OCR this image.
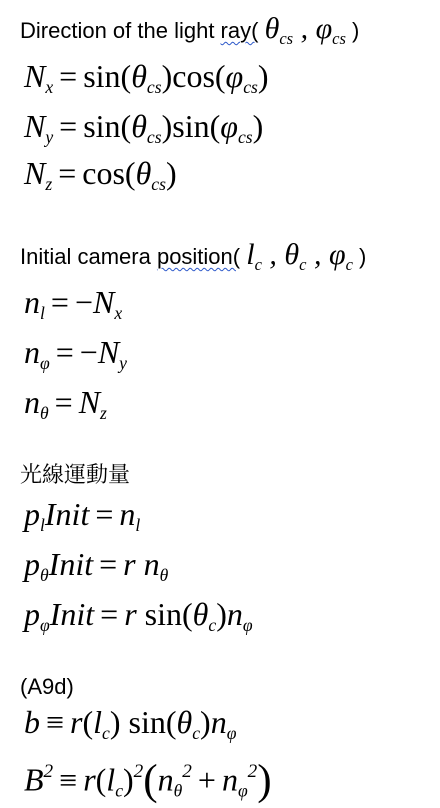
Direction of the light ray( $\theta_{cs}$ , $\varphi_{cs}$ )
$N_x = \sin(\theta_{cs})\cos(\varphi_{cs})$
$N_y = \sin(\theta_{cs})\sin(\varphi_{cs})$
$N_z = \cos(\theta_{cs})$
Initial camera position( $l_c$ , $\theta_c$ , $\varphi_c$ )
$n_l = -N_x$
$n_\varphi = -N_y$
$n_\theta = N_z$
光線運動量
$p_lInit = n_l$
$p_\theta Init = r$ $n_\theta$
$p_\varphi Init = r$ $\sin(\theta_c)n_\varphi$
(A9d)
$b \equiv r(l_c)$ $\sin(\theta_c)n_\varphi$
$B^2 \equiv r(l_c)^2(n_\theta^2 + n_\varphi^2)$
